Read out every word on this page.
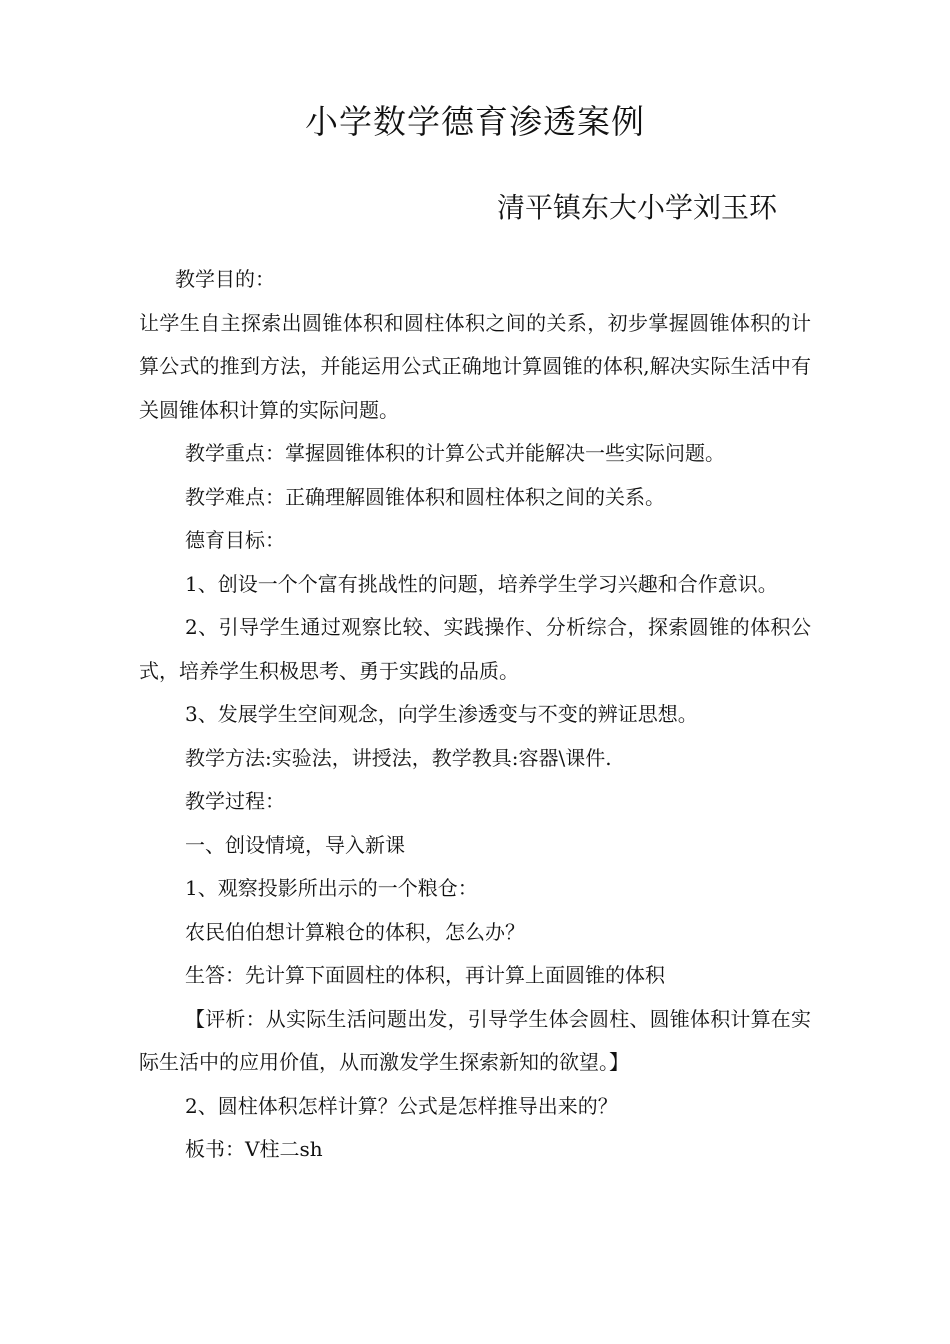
小学数学德育渗透案例
清平镇东大小学刘玉环

教学目的：

让学生自主探索出圆锥体积和圆柱体积之间的关系，初步掌握圆锥体积的计算公式的推到方法，并能运用公式正确地计算圆锥的体积,解决实际生活中有关圆锥体积计算的实际问题。

教学重点：掌握圆锥体积的计算公式并能解决一些实际问题。

教学难点：正确理解圆锥体积和圆柱体积之间的关系。

德育目标：

1、创设一个个富有挑战性的问题，培养学生学习兴趣和合作意识。

2、引导学生通过观察比较、实践操作、分析综合，探索圆锥的体积公式，培养学生积极思考、勇于实践的品质。

3、发展学生空间观念，向学生渗透变与不变的辨证思想。

教学方法:实验法，讲授法，教学教具:容器\课件.

教学过程：

一、创设情境，导入新课

1、观察投影所出示的一个粮仓：

农民伯伯想计算粮仓的体积，怎么办？

生答：先计算下面圆柱的体积，再计算上面圆锥的体积

【评析：从实际生活问题出发，引导学生体会圆柱、圆锥体积计算在实际生活中的应用价值，从而激发学生探索新知的欲望。】

2、圆柱体积怎样计算？公式是怎样推导出来的？

板书：V柱二sh
